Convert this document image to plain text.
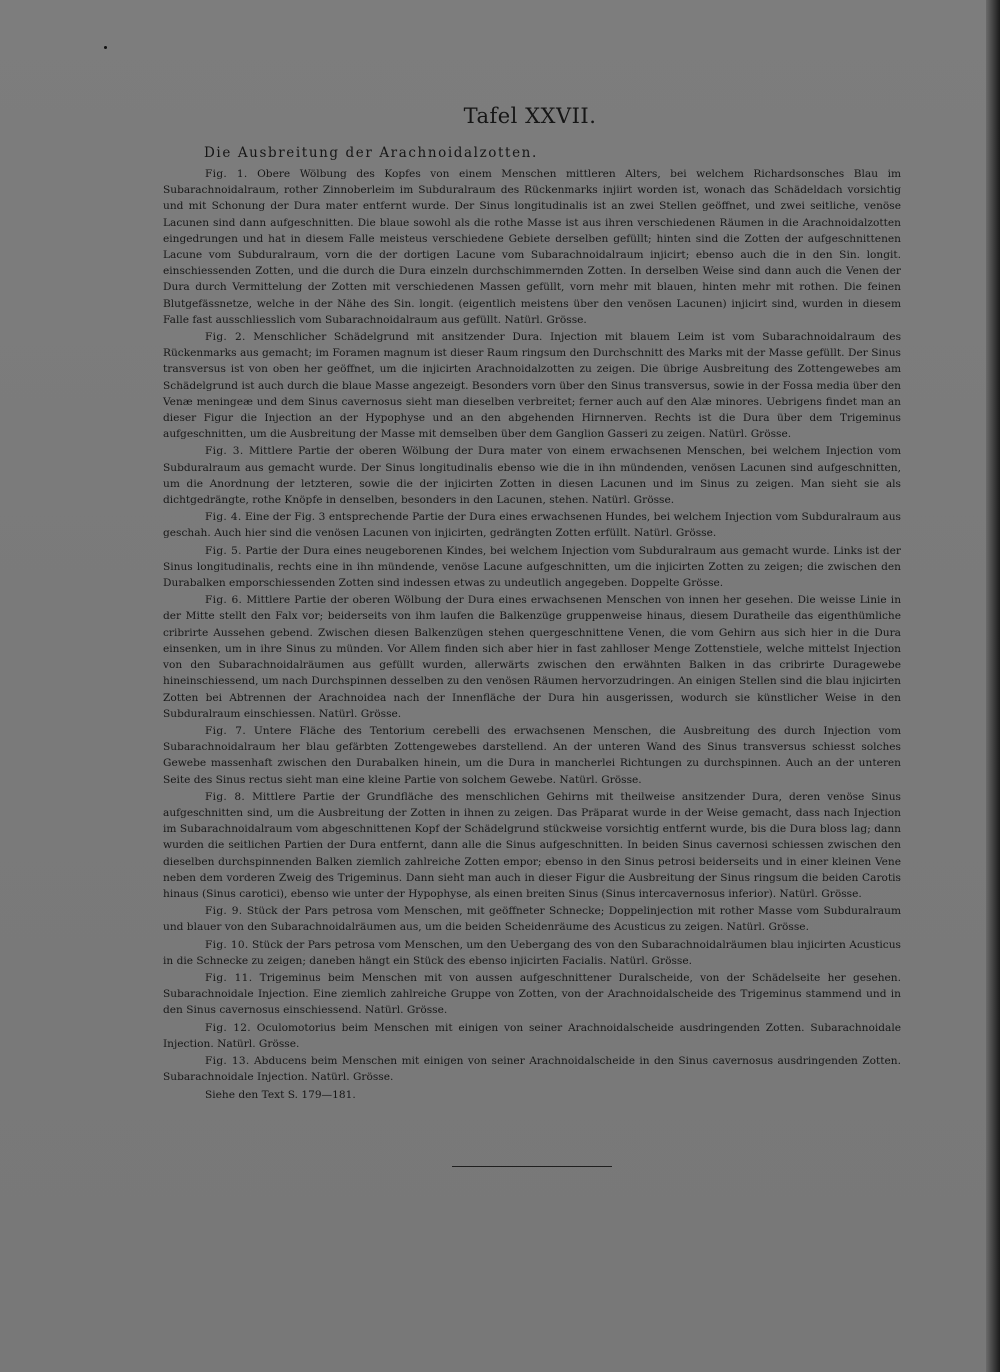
Tafel XXVII.
Die Ausbreitung der Arachnoidalzotten.

Fig. 1. Obere Wölbung des Kopfes von einem Menschen mittleren Alters, bei welchem Richardsonsches Blau im Subarachnoidalraum, rother Zinnoberleim im Subduralraum des Rückenmarks injiirt worden ist, wonach das Schädeldach vorsichtig und mit Schonung der Dura mater entfernt wurde. Der Sinus longitudinalis ist an zwei Stellen geöffnet, und zwei seitliche, venöse Lacunen sind dann aufgeschnitten. Die blaue sowohl als die rothe Masse ist aus ihren verschiedenen Räumen in die Arachnoidalzotten eingedrungen und hat in diesem Falle meisteus verschiedene Gebiete derselben gefüllt; hinten sind die Zotten der aufgeschnittenen Lacune vom Subduralraum, vorn die der dortigen Lacune vom Subarachnoidalraum injicirt; ebenso auch die in den Sin. longit. einschiessenden Zotten, und die durch die Dura einzeln durchschimmernden Zotten. In derselben Weise sind dann auch die Venen der Dura durch Vermittelung der Zotten mit verschiedenen Massen gefüllt, vorn mehr mit blauen, hinten mehr mit rothen. Die feinen Blutgefässnetze, welche in der Nähe des Sin. longit. (eigentlich meistens über den venösen Lacunen) injicirt sind, wurden in diesem Falle fast ausschliesslich vom Subarachnoidalraum aus gefüllt. Natürl. Grösse.

Fig. 2. Menschlicher Schädelgrund mit ansitzender Dura. Injection mit blauem Leim ist vom Subarachnoidalraum des Rückenmarks aus gemacht; im Foramen magnum ist dieser Raum ringsum den Durchschnitt des Marks mit der Masse gefüllt. Der Sinus transversus ist von oben her geöffnet, um die injicirten Arachnoidalzotten zu zeigen. Die übrige Ausbreitung des Zottengewebes am Schädelgrund ist auch durch die blaue Masse angezeigt. Besonders vorn über den Sinus transversus, sowie in der Fossa media über den Venæ meningeæ und dem Sinus cavernosus sieht man dieselben verbreitet; ferner auch auf den Alæ minores. Uebrigens findet man an dieser Figur die Injection an der Hypophyse und an den abgehenden Hirnnerven. Rechts ist die Dura über dem Trigeminus aufgeschnitten, um die Ausbreitung der Masse mit demselben über dem Ganglion Gasseri zu zeigen. Natürl. Grösse.

Fig. 3. Mittlere Partie der oberen Wölbung der Dura mater von einem erwachsenen Menschen, bei welchem Injection vom Subduralraum aus gemacht wurde. Der Sinus longitudinalis ebenso wie die in ihn mündenden, venösen Lacunen sind aufgeschnitten, um die Anordnung der letzteren, sowie die der injicirten Zotten in diesen Lacunen und im Sinus zu zeigen. Man sieht sie als dichtgedrängte, rothe Knöpfe in denselben, besonders in den Lacunen, stehen. Natürl. Grösse.

Fig. 4. Eine der Fig. 3 entsprechende Partie der Dura eines erwachsenen Hundes, bei welchem Injection vom Subduralraum aus geschah. Auch hier sind die venösen Lacunen von injicirten, gedrängten Zotten erfüllt. Natürl. Grösse.

Fig. 5. Partie der Dura eines neugeborenen Kindes, bei welchem Injection vom Subduralraum aus gemacht wurde. Links ist der Sinus longitudinalis, rechts eine in ihn mündende, venöse Lacune aufgeschnitten, um die injicirten Zotten zu zeigen; die zwischen den Durabalken emporschiessenden Zotten sind indessen etwas zu undeutlich angegeben. Doppelte Grösse.

Fig. 6. Mittlere Partie der oberen Wölbung der Dura eines erwachsenen Menschen von innen her gesehen. Die weisse Linie in der Mitte stellt den Falx vor; beiderseits von ihm laufen die Balkenzüge gruppenweise hinaus, diesem Duratheile das eigenthümliche cribrirte Aussehen gebend. Zwischen diesen Balkenzügen stehen quergeschnittene Venen, die vom Gehirn aus sich hier in die Dura einsenken, um in ihre Sinus zu münden. Vor Allem finden sich aber hier in fast zahlloser Menge Zottenstiele, welche mittelst Injection von den Subarachnoidalräumen aus gefüllt wurden, allerwärts zwischen den erwähnten Balken in das cribrirte Duragewebe hineinschiessend, um nach Durchspinnen desselben zu den venösen Räumen hervorzudringen. An einigen Stellen sind die blau injicirten Zotten bei Abtrennen der Arachnoidea nach der Innenfläche der Dura hin ausgerissen, wodurch sie künstlicher Weise in den Subduralraum einschiessen. Natürl. Grösse.

Fig. 7. Untere Fläche des Tentorium cerebelli des erwachsenen Menschen, die Ausbreitung des durch Injection vom Subarachnoidalraum her blau gefärbten Zottengewebes darstellend. An der unteren Wand des Sinus transversus schiesst solches Gewebe massenhaft zwischen den Durabalken hinein, um die Dura in mancherlei Richtungen zu durchspinnen. Auch an der unteren Seite des Sinus rectus sieht man eine kleine Partie von solchem Gewebe. Natürl. Grösse.

Fig. 8. Mittlere Partie der Grundfläche des menschlichen Gehirns mit theilweise ansitzender Dura, deren venöse Sinus aufgeschnitten sind, um die Ausbreitung der Zotten in ihnen zu zeigen. Das Präparat wurde in der Weise gemacht, dass nach Injection im Subarachnoidalraum vom abgeschnittenen Kopf der Schädelgrund stückweise vorsichtig entfernt wurde, bis die Dura bloss lag; dann wurden die seitlichen Partien der Dura entfernt, dann alle die Sinus aufgeschnitten. In beiden Sinus cavernosi schiessen zwischen den dieselben durchspinnenden Balken ziemlich zahlreiche Zotten empor; ebenso in den Sinus petrosi beiderseits und in einer kleinen Vene neben dem vorderen Zweig des Trigeminus. Dann sieht man auch in dieser Figur die Ausbreitung der Sinus ringsum die beiden Carotis hinaus (Sinus carotici), ebenso wie unter der Hypophyse, als einen breiten Sinus (Sinus intercavernosus inferior). Natürl. Grösse.

Fig. 9. Stück der Pars petrosa vom Menschen, mit geöffneter Schnecke; Doppelinjection mit rother Masse vom Subduralraum und blauer von den Subarachnoidalräumen aus, um die beiden Scheidenräume des Acusticus zu zeigen. Natürl. Grösse.

Fig. 10. Stück der Pars petrosa vom Menschen, um den Uebergang des von den Subarachnoidalräumen blau injicirten Acusticus in die Schnecke zu zeigen; daneben hängt ein Stück des ebenso injicirten Facialis. Natürl. Grösse.

Fig. 11. Trigeminus beim Menschen mit von aussen aufgeschnittener Duralscheide, von der Schädelseite her gesehen. Subarachnoidale Injection. Eine ziemlich zahlreiche Gruppe von Zotten, von der Arachnoidalscheide des Trigeminus stammend und in den Sinus cavernosus einschiessend. Natürl. Grösse.

Fig. 12. Oculomotorius beim Menschen mit einigen von seiner Arachnoidalscheide ausdringenden Zotten. Subarachnoidale Injection. Natürl. Grösse.

Fig. 13. Abducens beim Menschen mit einigen von seiner Arachnoidalscheide in den Sinus cavernosus ausdringenden Zotten. Subarachnoidale Injection. Natürl. Grösse.

Siehe den Text S. 179—181.
